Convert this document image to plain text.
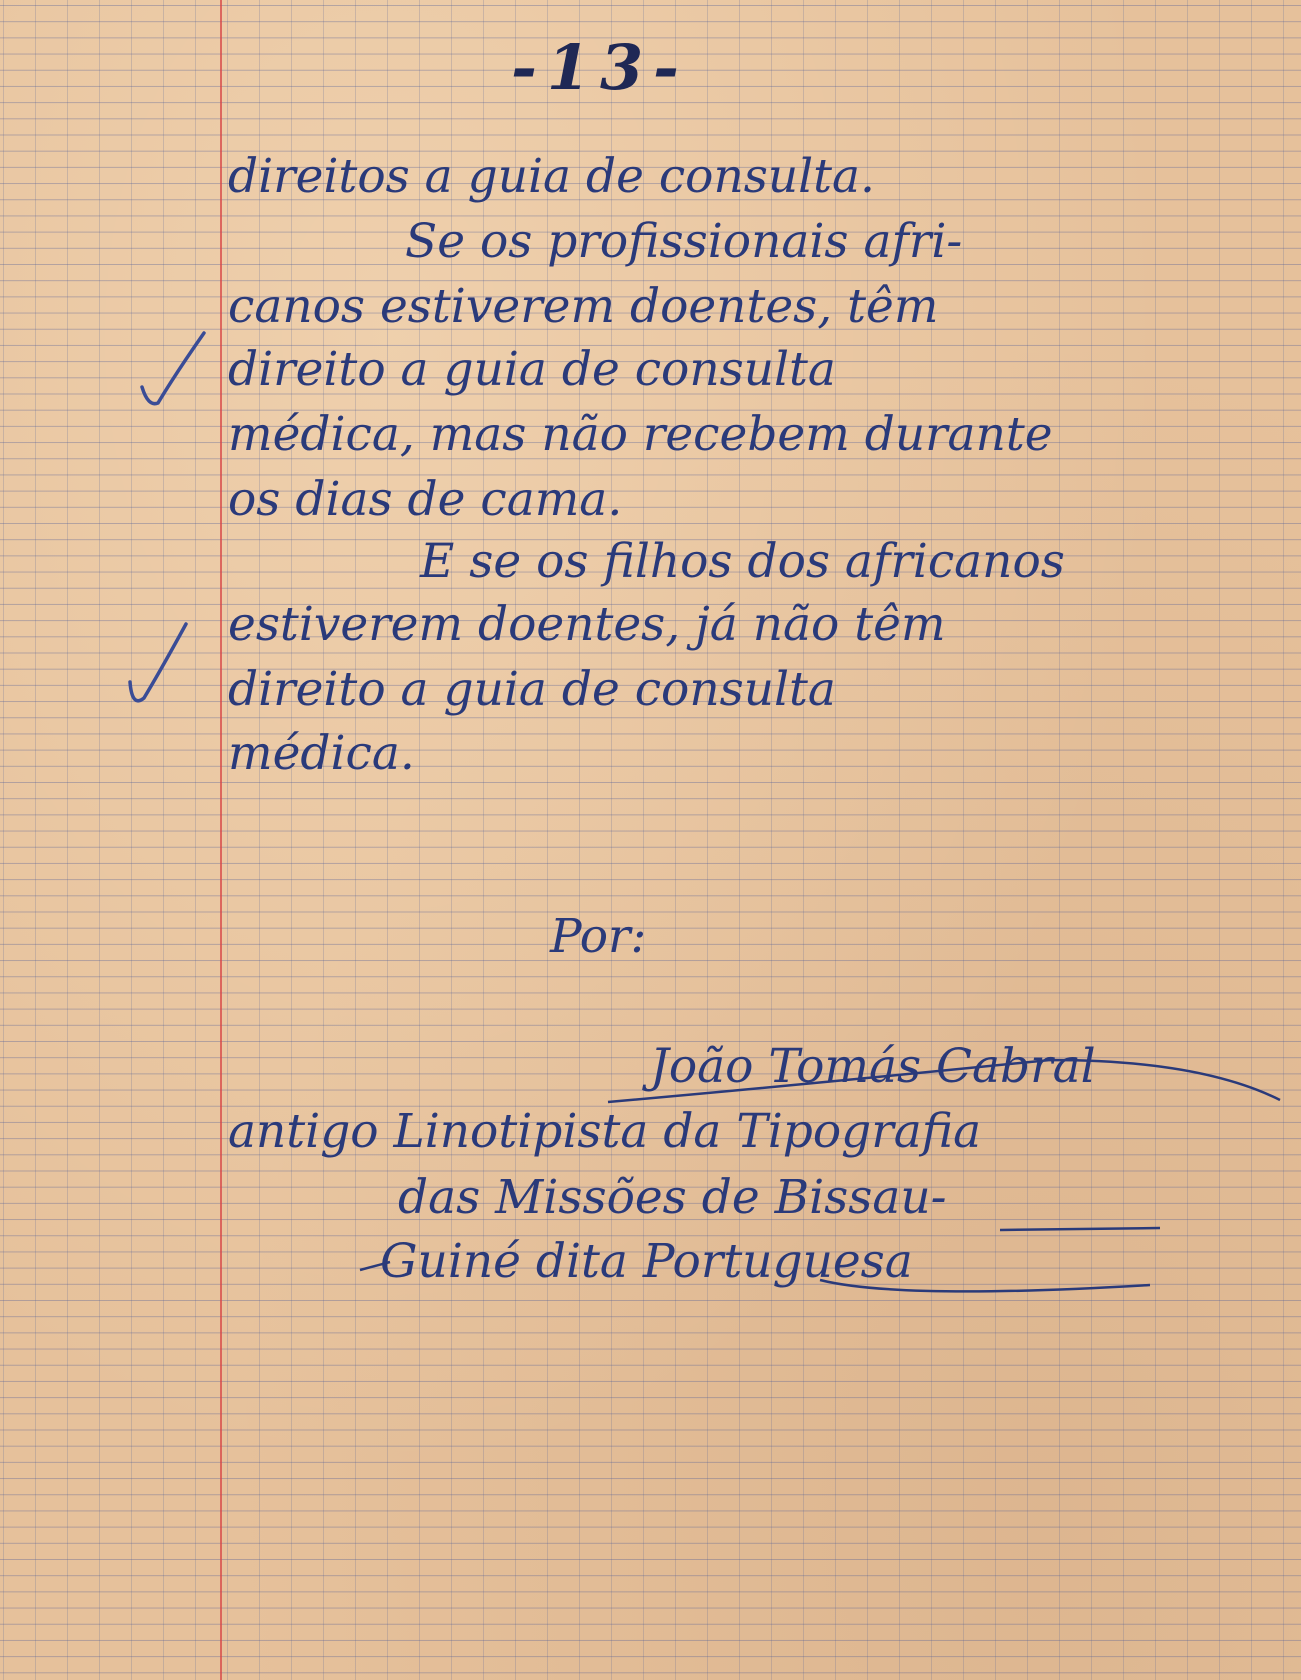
-13-
direitos a guia de consulta.
Se os profissionais afri-
canos estiverem doentes, têm
direito a guia de consulta
médica, mas não recebem durante
os dias de cama.
E se os filhos dos africanos
estiverem doentes, já não têm
direito a guia de consulta
médica.
Por:
João Tomás Cabral
antigo Linotipista da Tipografia
das Missões de Bissau-
Guiné dita Portuguesa
